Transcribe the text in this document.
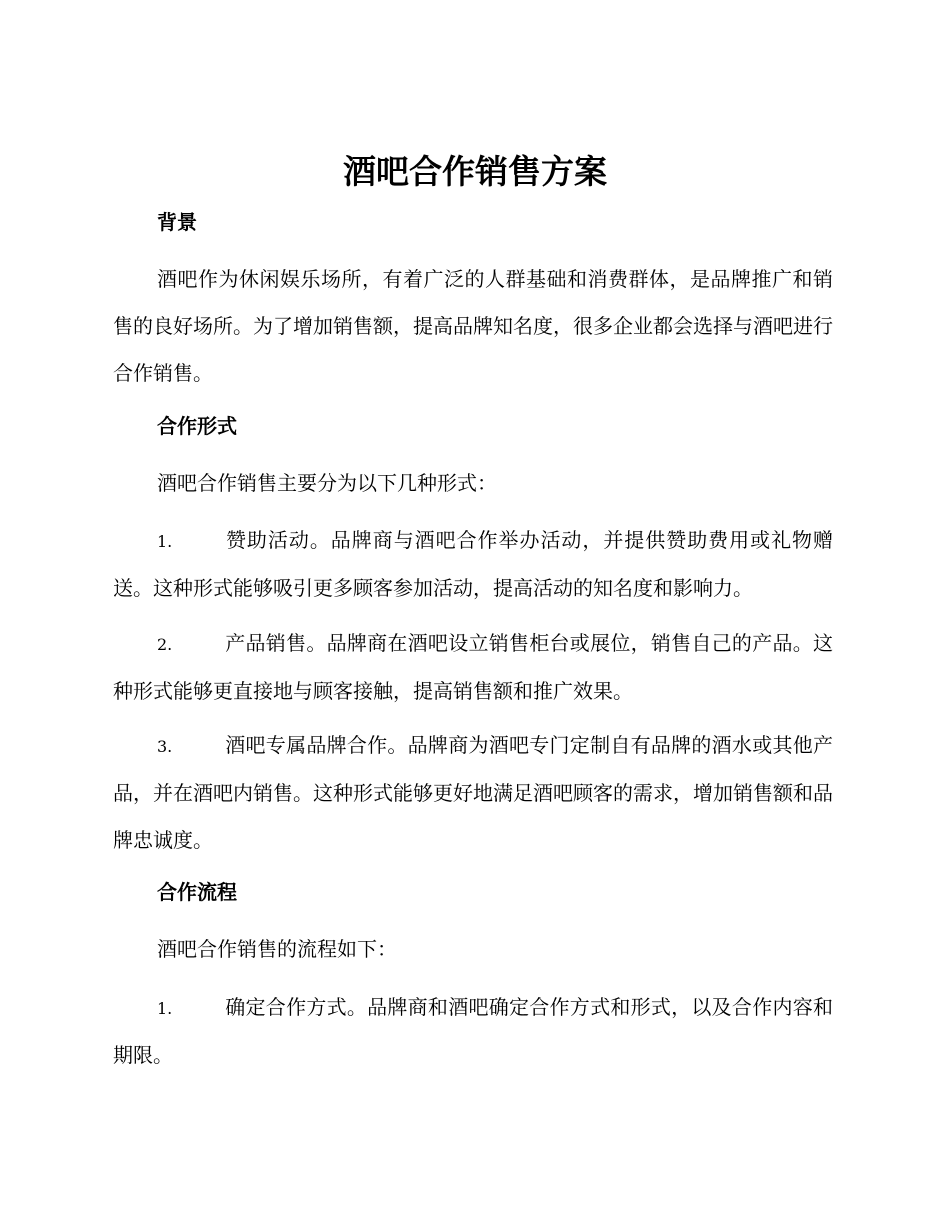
酒吧合作销售方案
背景

酒吧作为休闲娱乐场所，有着广泛的人群基础和消费群体，是品牌推广和销售的良好场所。为了增加销售额，提高品牌知名度，很多企业都会选择与酒吧进行合作销售。

合作形式

酒吧合作销售主要分为以下几种形式：

1.	赞助活动。品牌商与酒吧合作举办活动，并提供赞助费用或礼物赠送。这种形式能够吸引更多顾客参加活动，提高活动的知名度和影响力。

2.	产品销售。品牌商在酒吧设立销售柜台或展位，销售自己的产品。这种形式能够更直接地与顾客接触，提高销售额和推广效果。

3.	酒吧专属品牌合作。品牌商为酒吧专门定制自有品牌的酒水或其他产品，并在酒吧内销售。这种形式能够更好地满足酒吧顾客的需求，增加销售额和品牌忠诚度。

合作流程

酒吧合作销售的流程如下：

1.	确定合作方式。品牌商和酒吧确定合作方式和形式，以及合作内容和期限。
